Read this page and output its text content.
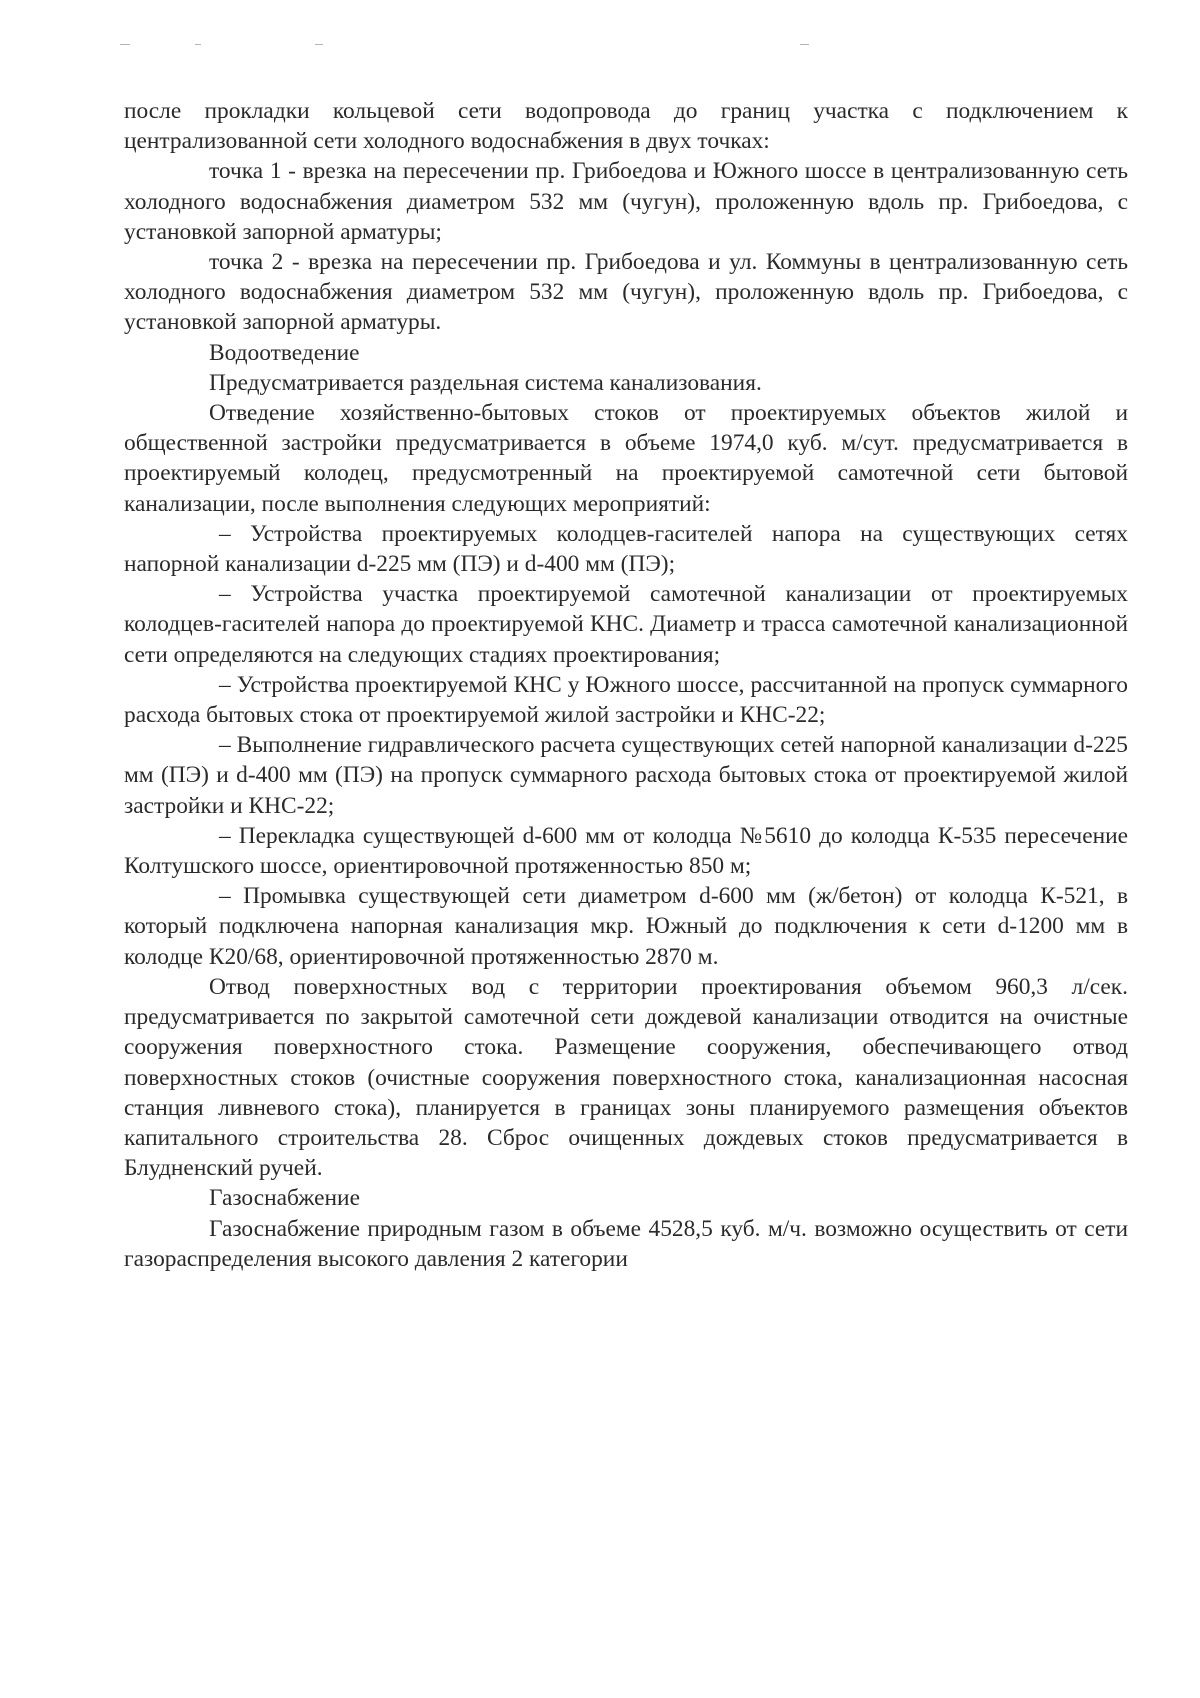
после прокладки кольцевой сети водопровода до границ участка с подключением к централизованной сети холодного водоснабжения в двух точках:

точка 1 - врезка на пересечении пр. Грибоедова и Южного шоссе в централизованную сеть холодного водоснабжения диаметром 532 мм (чугун), проложенную вдоль пр. Грибоедова, с установкой запорной арматуры;

точка 2 - врезка на пересечении пр. Грибоедова и ул. Коммуны в централизованную сеть холодного водоснабжения диаметром 532 мм (чугун), проложенную вдоль пр. Грибоедова, с установкой запорной арматуры.

Водоотведение

Предусматривается раздельная система канализования.

Отведение хозяйственно-бытовых стоков от проектируемых объектов жилой и общественной застройки предусматривается в объеме 1974,0 куб. м/сут. предусматривается в проектируемый колодец, предусмотренный на проектируемой самотечной сети бытовой канализации, после выполнения следующих мероприятий:

– Устройства проектируемых колодцев-гасителей напора на существующих сетях напорной канализации d-225 мм (ПЭ) и d-400 мм (ПЭ);

– Устройства участка проектируемой самотечной канализации от проектируемых колодцев-гасителей напора до проектируемой КНС. Диаметр и трасса самотечной канализационной сети определяются на следующих стадиях проектирования;

– Устройства проектируемой КНС у Южного шоссе, рассчитанной на пропуск суммарного расхода бытовых стока от проектируемой жилой застройки и КНС-22;

– Выполнение гидравлического расчета существующих сетей напорной канализации d-225 мм (ПЭ) и d-400 мм (ПЭ) на пропуск суммарного расхода бытовых стока от проектируемой жилой застройки и КНС-22;

– Перекладка существующей d-600 мм от колодца №5610 до колодца К-535 пересечение Колтушского шоссе, ориентировочной протяженностью 850 м;

– Промывка существующей сети диаметром d-600 мм (ж/бетон) от колодца К-521, в который подключена напорная канализация мкр. Южный до подключения к сети d-1200 мм в колодце К20/68, ориентировочной протяженностью 2870 м.

Отвод поверхностных вод с территории проектирования объемом 960,3 л/сек. предусматривается по закрытой самотечной сети дождевой канализации отводится на очистные сооружения поверхностного стока. Размещение сооружения, обеспечивающего отвод поверхностных стоков (очистные сооружения поверхностного стока, канализационная насосная станция ливневого стока), планируется в границах зоны планируемого размещения объектов капитального строительства 28. Сброс очищенных дождевых стоков предусматривается в Блудненский ручей.

Газоснабжение

Газоснабжение природным газом в объеме 4528,5 куб. м/ч. возможно осуществить от сети газораспределения высокого давления 2 категории
